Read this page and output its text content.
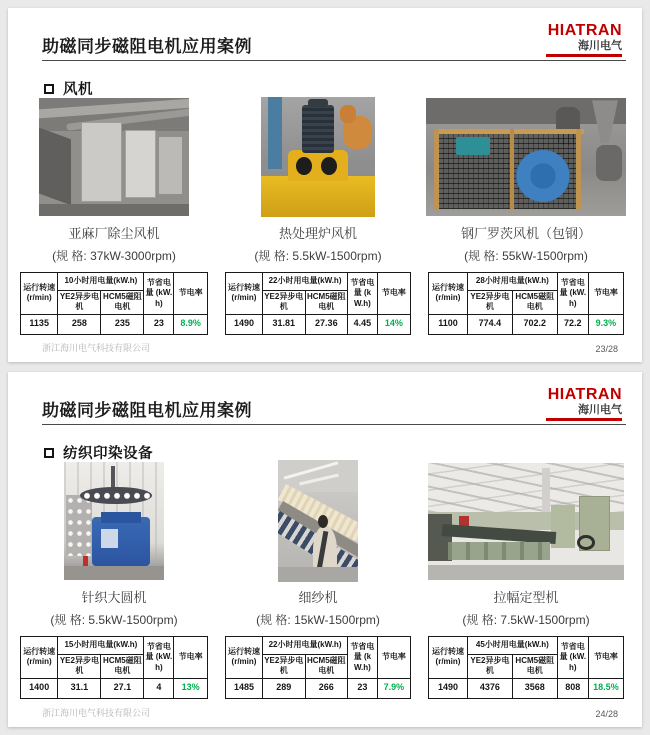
助磁同步磁阻电机应用案例
HIATRAN
海川电气
风机
亚麻厂除尘风机
(规 格: 37kW-3000rpm)
运行转速 (r/min)	10小时用电量(kW.h)		节省电量 (kW.h)	节电率
	YE2异步电机	HCM5磁阻电机		
1135	258	235	23	8.9%
热处理炉风机
(规 格: 5.5kW-1500rpm)
运行转速 (r/min)	22小时用电量(kW.h)		节省电量 (kW.h)	节电率
	YE2异步电机	HCM5磁阻电机		
1490	31.81	27.36	4.45	14%
钢厂罗茨风机（包钢）
(规 格: 55kW-1500rpm)
运行转速 (r/min)	28小时用电量(kW.h)		节省电量 (kW.h)	节电率
	YE2异步电机	HCM5磁阻电机		
1100	774.4	702.2	72.2	9.3%
浙江海川电气科技有限公司	23/28
助磁同步磁阻电机应用案例
HIATRAN
海川电气
纺织印染设备
针织大圆机
(规 格: 5.5kW-1500rpm)
运行转速 (r/min)	15小时用电量(kW.h)		节省电量 (kW.h)	节电率
	YE2异步电机	HCM5磁阻电机		
1400	31.1	27.1	4	13%
细纱机
(规 格: 15kW-1500rpm)
运行转速 (r/min)	22小时用电量(kW.h)		节省电量 (kW.h)	节电率
	YE2异步电机	HCM5磁阻电机		
1485	289	266	23	7.9%
拉幅定型机
(规 格: 7.5kW-1500rpm)
运行转速 (r/min)	45小时用电量(kW.h)		节省电量 (kW.h)	节电率
	YE2异步电机	HCM5磁阻电机		
1490	4376	3568	808	18.5%
浙江海川电气科技有限公司	24/28
